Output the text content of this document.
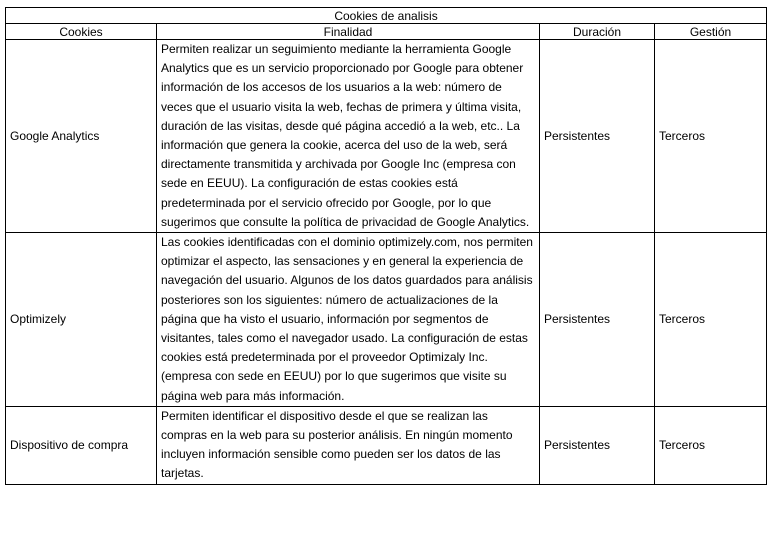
Cookies de analisis			
Cookies	Finalidad	Duración	Gestión
Google Analytics	Permiten realizar un seguimiento mediante la herramienta Google Analytics que es un servicio proporcionado por Google para obtener información de los accesos de los usuarios a la web: número de veces que el usuario visita la web, fechas de primera y última visita, duración de las visitas, desde qué página accedió a la web, etc.. La información que genera la cookie, acerca del uso de la web, será directamente transmitida y archivada por Google Inc (empresa con sede en EEUU). La configuración de estas cookies está predeterminada por el servicio ofrecido por Google, por lo que sugerimos que consulte la política de privacidad de Google Analytics.	Persistentes	Terceros
Optimizely	Las cookies identificadas con el dominio optimizely.com, nos permiten optimizar el aspecto, las sensaciones y en general la experiencia de navegación del usuario. Algunos de los datos guardados para análisis posteriores son los siguientes: número de actualizaciones de la página que ha visto el usuario, información por segmentos de visitantes, tales como el navegador usado. La configuración de estas cookies está predeterminada por el proveedor Optimizaly Inc. (empresa con sede en EEUU) por lo que sugerimos que visite su página web para más información.	Persistentes	Terceros
Dispositivo de compra	Permiten identificar el dispositivo desde el que se realizan las compras en la web para su posterior análisis. En ningún momento incluyen información sensible como pueden ser los datos de las tarjetas.	Persistentes	Terceros
